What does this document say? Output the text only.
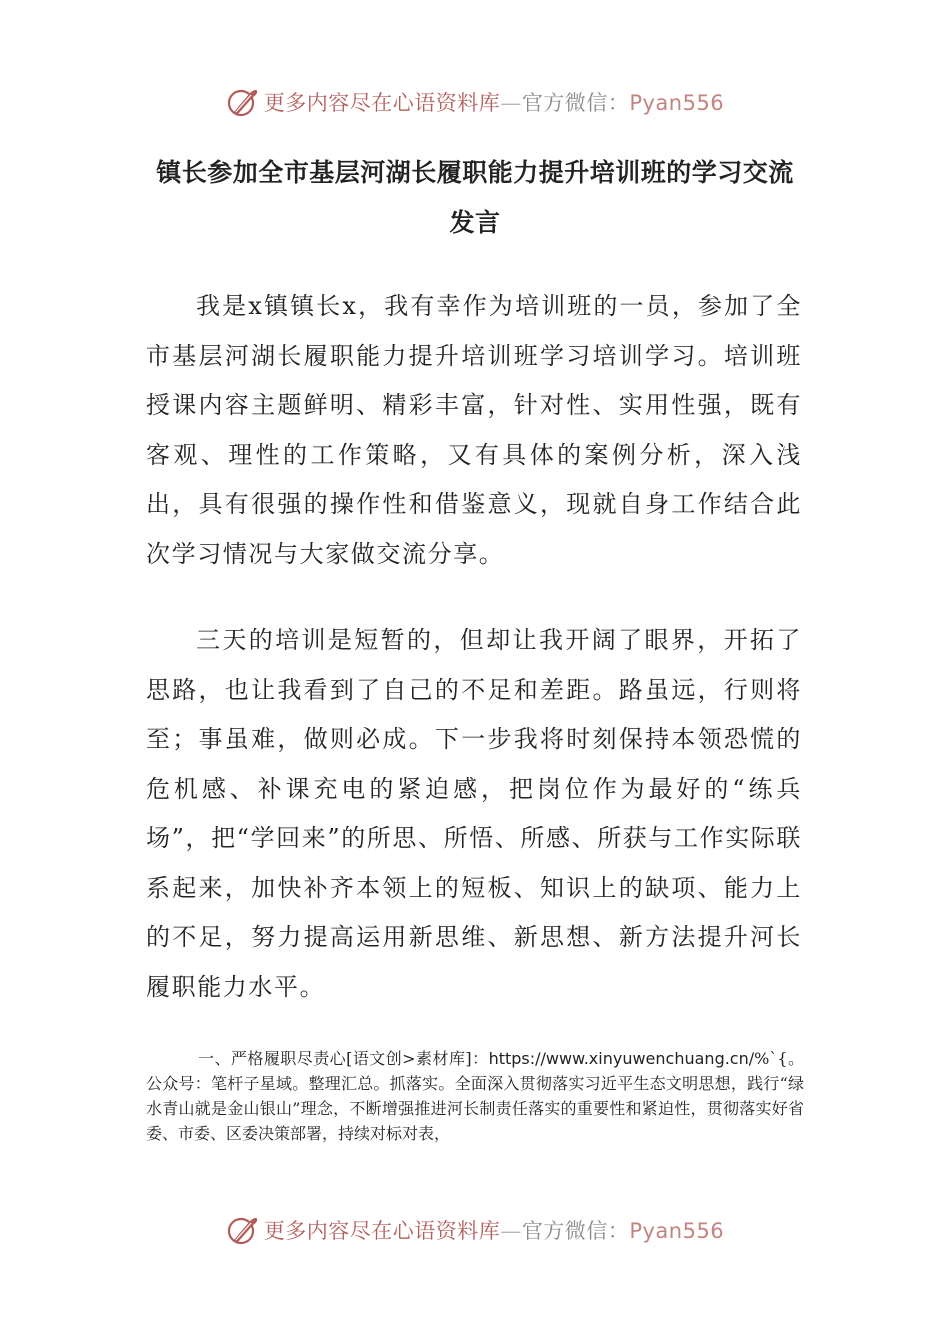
更多内容尽在心语资料库—官方微信：Pyan556
镇长参加全市基层河湖长履职能力提升培训班的学习交流发言

我是x镇镇长x，我有幸作为培训班的一员，参加了全市基层河湖长履职能力提升培训班学习培训学习。培训班授课内容主题鲜明、精彩丰富，针对性、实用性强，既有客观、理性的工作策略，又有具体的案例分析，深入浅出，具有很强的操作性和借鉴意义，现就自身工作结合此次学习情况与大家做交流分享。

三天的培训是短暂的，但却让我开阔了眼界，开拓了思路，也让我看到了自己的不足和差距。路虽远，行则将至；事虽难，做则必成。下一步我将时刻保持本领恐慌的危机感、补课充电的紧迫感，把岗位作为最好的“练兵场”，把“学回来”的所思、所悟、所感、所获与工作实际联系起来，加快补齐本领上的短板、知识上的缺项、能力上的不足，努力提高运用新思维、新思想、新方法提升河长履职能力水平。

一、严格履职尽责心[语文创>素材库]：https://www.xinyuwenchuang.cn/%`{。公众号：笔杆子星域。整理汇总。抓落实。全面深入贯彻落实习近平生态文明思想，践行“绿水青山就是金山银山”理念，不断增强推进河长制责任落实的重要性和紧迫性，贯彻落实好省委、市委、区委决策部署，持续对标对表，

更多内容尽在心语资料库—官方微信：Pyan556
